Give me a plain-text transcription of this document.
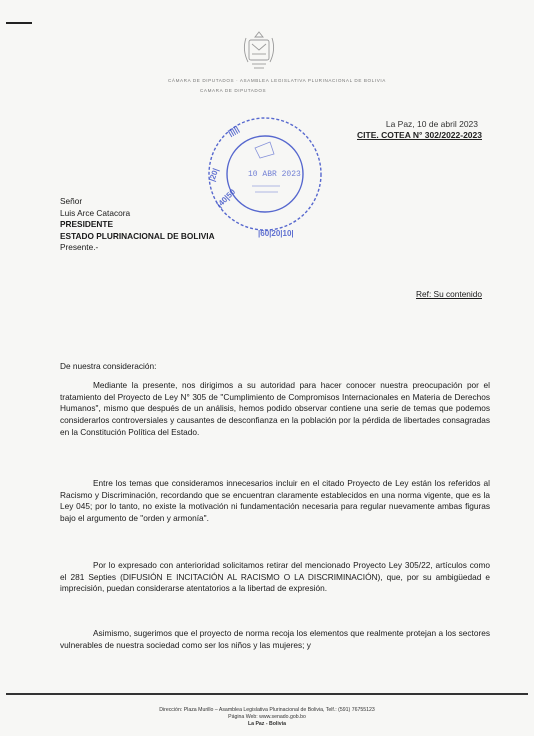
CÁMARA DE DIPUTADOS · ASAMBLEA LEGISLATIVA PLURINACIONAL DE BOLIVIA
CAMARA DE DIPUTADOS
|20|
|40|50
|60|20|10|
|||||
10 ABR 2023
La Paz, 10 de abril 2023
CITE. COTEA N° 302/2022-2023
Señor
Luis Arce Catacora
PRESIDENTE
ESTADO PLURINACIONAL DE BOLIVIA
Presente.-
Ref: Su contenido
De nuestra consideración:

Mediante la presente, nos dirigimos a su autoridad para hacer conocer nuestra preocupación por el tratamiento del Proyecto de Ley N° 305 de "Cumplimiento de Compromisos Internacionales en Materia de Derechos Humanos", mismo que después de un análisis, hemos podido observar contiene una serie de temas que podemos considerarlos controversiales y causantes de desconfianza en la población por la pérdida de libertades consagradas en la Constitución Política del Estado.

Entre los temas que consideramos innecesarios incluir en el citado Proyecto de Ley están los referidos al Racismo y Discriminación, recordando que se encuentran claramente establecidos en una norma vigente, que es la Ley 045; por lo tanto, no existe la motivación ni fundamentación necesaria para regular nuevamente ambas figuras bajo el argumento de "orden y armonía".

Por lo expresado con anterioridad solicitamos retirar del mencionado Proyecto Ley 305/22, artículos como el 281 Septies (DIFUSIÓN E INCITACIÓN AL RACISMO O LA DISCRIMINACIÓN), que, por su ambigüedad e imprecisión, puedan considerarse atentatorios a la libertad de expresión.

Asimismo, sugerimos que el proyecto de norma recoja los elementos que realmente protejan a los sectores vulnerables de nuestra sociedad como ser los niños y las mujeres; y

Dirección: Plaza Murillo – Asamblea Legislativa Plurinacional de Bolivia, Telf.: (591) 76755123
Página Web: www.senado.gob.bo
La Paz - Bolivia
